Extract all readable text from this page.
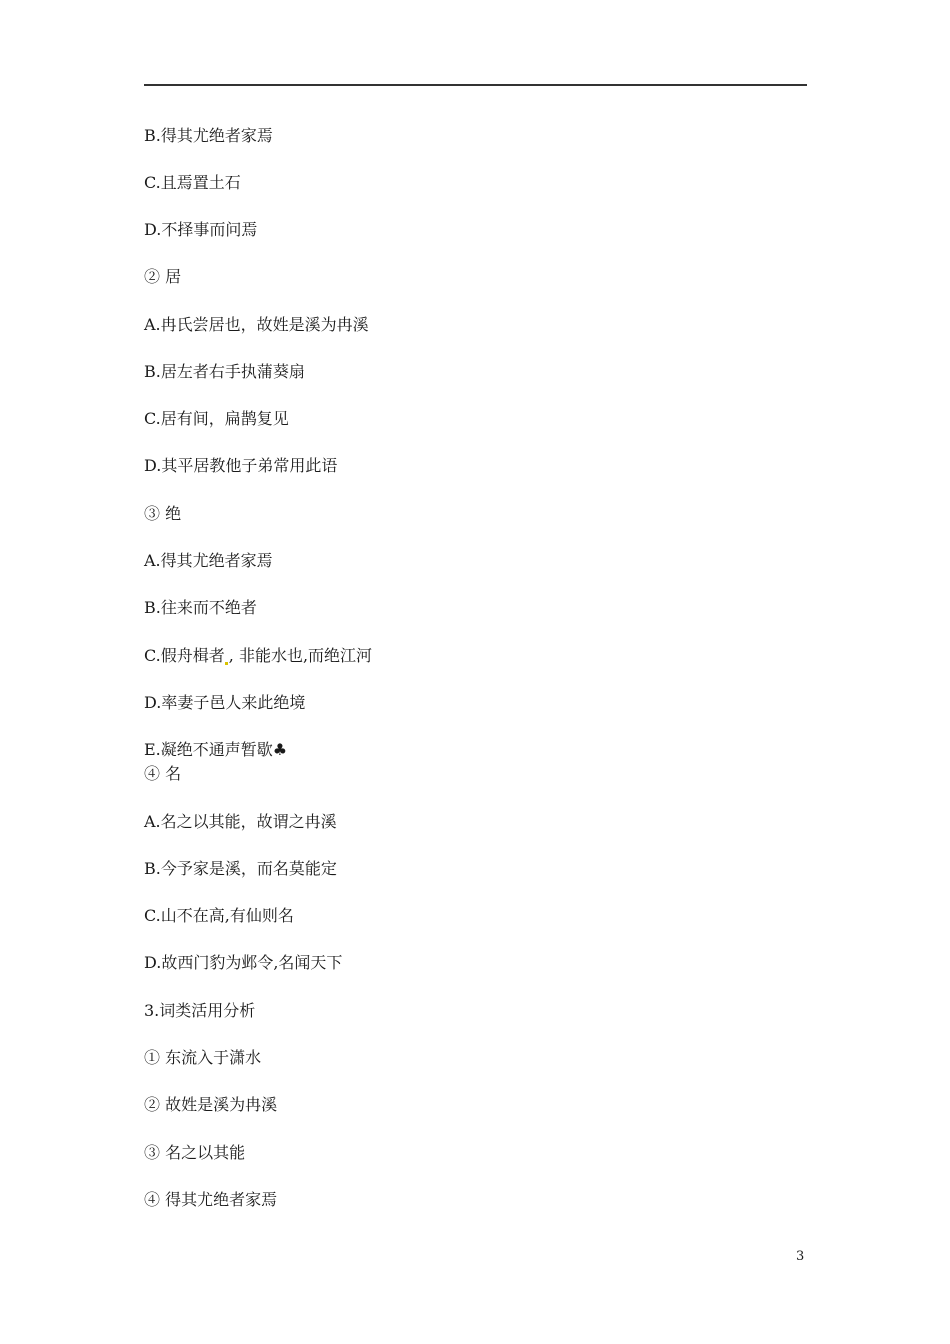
B.得其尤绝者家焉
C.且焉置土石
D.不择事而问焉
② 居
A.冉氏尝居也，故姓是溪为冉溪
B.居左者右手执蒲葵扇
C.居有间，扁鹊复见
D.其平居教他子弟常用此语
③ 绝
A.得其尤绝者家焉
B.往来而不绝者
C.假舟楫者 , 非能水也,而绝江河
D.率妻子邑人来此绝境
E.凝绝不通声暂歇♣
④ 名
A.名之以其能，故谓之冉溪
B.今予家是溪，而名莫能定
C.山不在高,有仙则名
D.故西门豹为邺令,名闻天下
3.词类活用分析
① 东流入于潇水
② 故姓是溪为冉溪
③ 名之以其能
④ 得其尤绝者家焉
3
